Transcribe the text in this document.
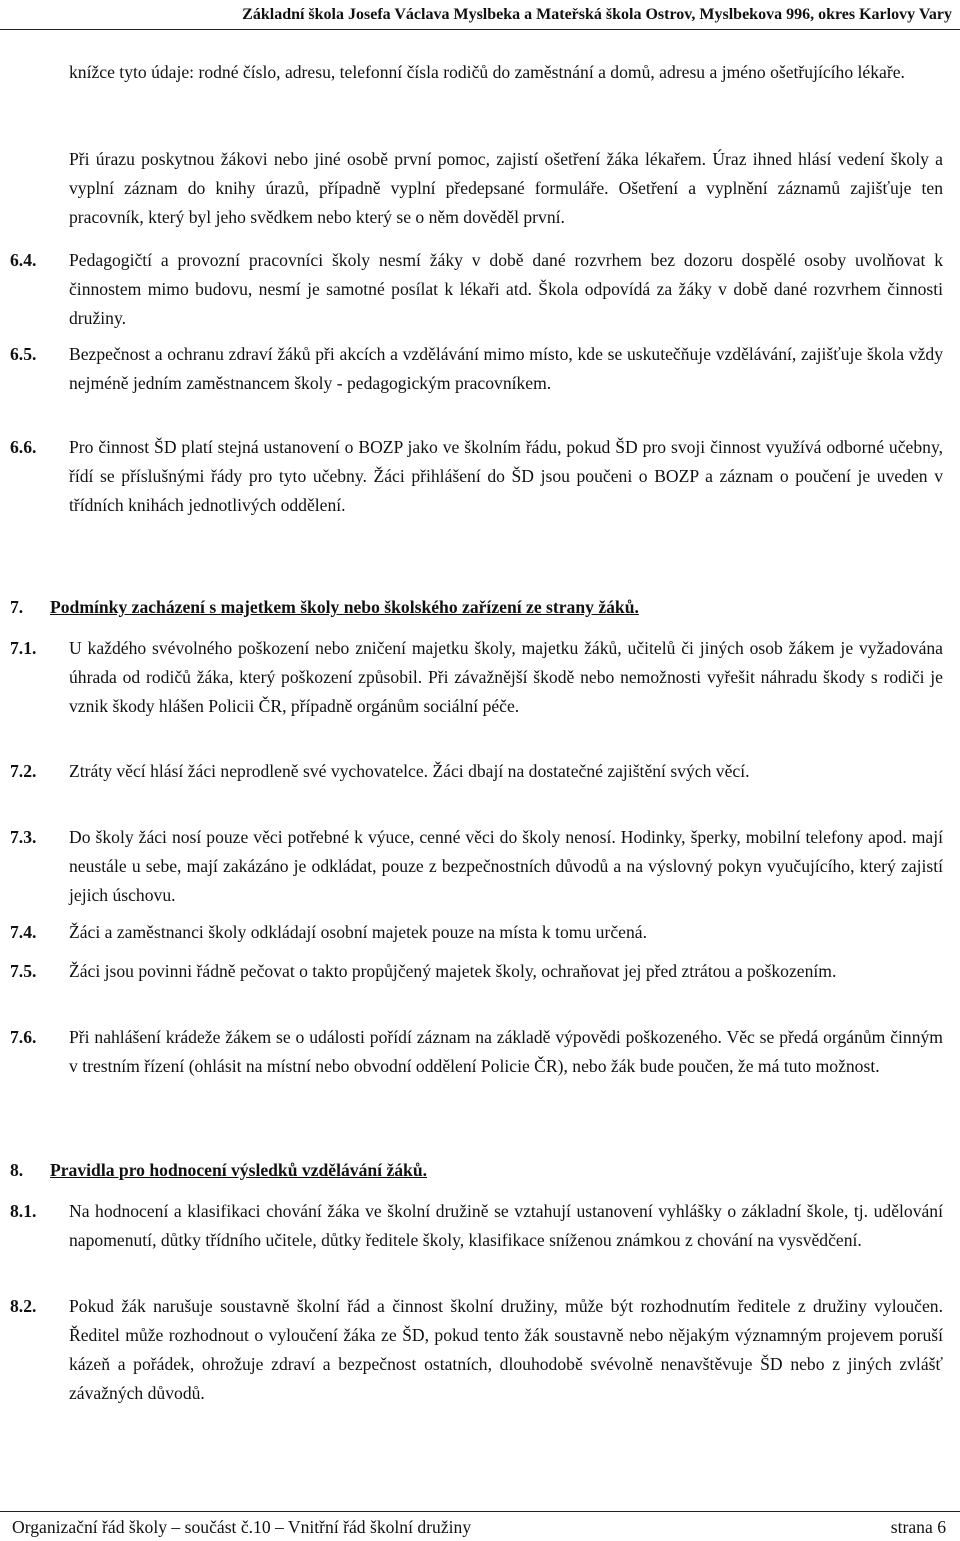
Základní škola Josefa Václava Myslbeka a Mateřská škola Ostrov, Myslbekova 996, okres Karlovy Vary
knížce tyto údaje: rodné číslo, adresu, telefonní čísla rodičů do zaměstnání a domů, adresu a jméno ošetřujícího lékaře.
Při úrazu poskytnou žákovi nebo jiné osobě první pomoc, zajistí ošetření žáka lékařem. Úraz ihned hlásí vedení školy a vyplní záznam do knihy úrazů, případně vyplní předepsané formuláře. Ošetření a vyplnění záznamů zajišťuje ten pracovník, který byl jeho svědkem nebo který se o něm dověděl první.
6.4.	Pedagogičtí a provozní pracovníci školy nesmí žáky v době dané rozvrhem bez dozoru dospělé osoby uvolňovat k činnostem mimo budovu, nesmí je samotné posílat k lékaři atd. Škola odpovídá za žáky v době dané rozvrhem činnosti družiny.
6.5.	Bezpečnost a ochranu zdraví žáků při akcích a vzdělávání mimo místo, kde se uskutečňuje vzdělávání, zajišťuje škola vždy nejméně jedním zaměstnancem školy - pedagogickým pracovníkem.
6.6.	Pro činnost ŠD platí stejná ustanovení o BOZP jako ve školním řádu, pokud ŠD pro svoji činnost využívá odborné učebny, řídí se příslušnými řády pro tyto učebny. Žáci přihlášení do ŠD jsou poučeni o BOZP a záznam o poučení je uveden v třídních knihách jednotlivých oddělení.
7. Podmínky zacházení s majetkem školy nebo školského zařízení ze strany žáků.
7.1.	U každého svévolného poškození nebo zničení majetku školy, majetku žáků, učitelů či jiných osob žákem je vyžadována úhrada od rodičů žáka, který poškození způsobil. Při závažnější škodě nebo nemožnosti vyřešit náhradu škody s rodiči je vznik škody hlášen Policii ČR, případně orgánům sociální péče.
7.2.	Ztráty věcí hlásí žáci neprodleně své vychovatelce. Žáci dbají na dostatečné zajištění svých věcí.
7.3.	Do školy žáci nosí pouze věci potřebné k výuce, cenné věci do školy nenosí. Hodinky, šperky, mobilní telefony apod. mají neustále u sebe, mají zakázáno je odkládat, pouze z bezpečnostních důvodů a na výslovný pokyn vyučujícího, který zajistí jejich úschovu.
7.4.	Žáci a zaměstnanci školy odkládají osobní majetek pouze na místa k tomu určená.
7.5.	Žáci jsou povinni řádně pečovat o takto propůjčený majetek školy, ochraňovat jej před ztrátou a poškozením.
7.6.	Při nahlášení krádeže žákem se o události pořídí záznam na základě výpovědi poškozeného. Věc se předá orgánům činným v trestním řízení (ohlásit na místní nebo obvodní oddělení Policie ČR), nebo žák bude poučen, že má tuto možnost.
8. Pravidla pro hodnocení výsledků vzdělávání žáků.
8.1.	Na hodnocení a klasifikaci chování žáka ve školní družině se vztahují ustanovení vyhlášky o základní škole, tj. udělování napomenutí, důtky třídního učitele, důtky ředitele školy, klasifikace sníženou známkou z chování na vysvědčení.
8.2.	Pokud žák narušuje soustavně školní řád a činnost školní družiny, může být rozhodnutím ředitele z družiny vyloučen. Ředitel může rozhodnout o vyloučení žáka ze ŠD, pokud tento žák soustavně nebo nějakým významným projevem poruší kázeň a pořádek, ohrožuje zdraví a bezpečnost ostatních, dlouhodobě svévolně nenavštěvuje ŠD nebo z jiných zvlášť závažných důvodů.
Organizační řád školy – součást č.10 – Vnitřní řád školní družiny	strana 6
